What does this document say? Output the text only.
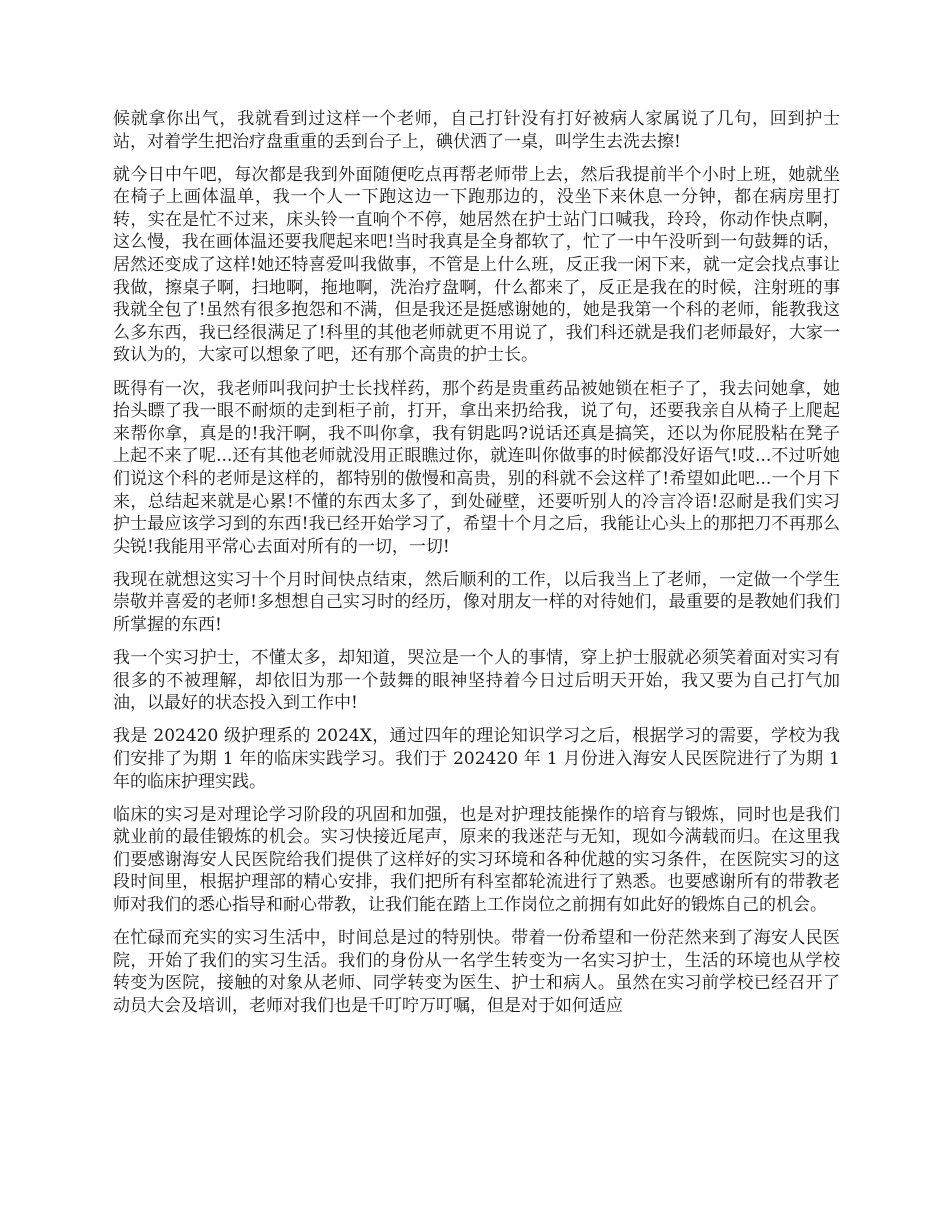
候就拿你出气，我就看到过这样一个老师，自己打针没有打好被病人家属说了几句，回到护士站，对着学生把治疗盘重重的丢到台子上，碘伏洒了一桌，叫学生去洗去擦!

就今日中午吧，每次都是我到外面随便吃点再帮老师带上去，然后我提前半个小时上班，她就坐在椅子上画体温单，我一个人一下跑这边一下跑那边的，没坐下来休息一分钟，都在病房里打转，实在是忙不过来，床头铃一直响个不停，她居然在护士站门口喊我，玲玲，你动作快点啊，这么慢，我在画体温还要我爬起来吧!当时我真是全身都软了，忙了一中午没听到一句鼓舞的话，居然还变成了这样!她还特喜爱叫我做事，不管是上什么班，反正我一闲下来，就一定会找点事让我做，擦桌子啊，扫地啊，拖地啊，洗治疗盘啊，什么都来了，反正是我在的时候，注射班的事我就全包了!虽然有很多抱怨和不满，但是我还是挺感谢她的，她是我第一个科的老师，能教我这么多东西，我已经很满足了!科里的其他老师就更不用说了，我们科还就是我们老师最好，大家一致认为的，大家可以想象了吧，还有那个高贵的护士长。

既得有一次，我老师叫我问护士长找样药，那个药是贵重药品被她锁在柜子了，我去问她拿，她抬头瞟了我一眼不耐烦的走到柜子前，打开，拿出来扔给我，说了句，还要我亲自从椅子上爬起来帮你拿，真是的!我汗啊，我不叫你拿，我有钥匙吗?说话还真是搞笑，还以为你屁股粘在凳子上起不来了呢...还有其他老师就没用正眼瞧过你，就连叫你做事的时候都没好语气!哎...不过听她们说这个科的老师是这样的，都特别的傲慢和高贵，别的科就不会这样了!希望如此吧...一个月下来，总结起来就是心累!不懂的东西太多了，到处碰壁，还要听别人的冷言冷语!忍耐是我们实习护士最应该学习到的东西!我已经开始学习了，希望十个月之后，我能让心头上的那把刀不再那么尖锐!我能用平常心去面对所有的一切，一切!

我现在就想这实习十个月时间快点结束，然后顺利的工作，以后我当上了老师，一定做一个学生崇敬并喜爱的老师!多想想自己实习时的经历，像对朋友一样的对待她们，最重要的是教她们我们所掌握的东西!

我一个实习护士，不懂太多，却知道，哭泣是一个人的事情，穿上护士服就必须笑着面对实习有很多的不被理解，却依旧为那一个鼓舞的眼神坚持着今日过后明天开始，我又要为自己打气加油，以最好的状态投入到工作中!

我是 202420 级护理系的 2024X，通过四年的理论知识学习之后，根据学习的需要，学校为我们安排了为期 1 年的临床实践学习。我们于 202420 年 1 月份进入海安人民医院进行了为期 1 年的临床护理实践。

临床的实习是对理论学习阶段的巩固和加强，也是对护理技能操作的培育与锻炼，同时也是我们就业前的最佳锻炼的机会。实习快接近尾声，原来的我迷茫与无知，现如今满载而归。在这里我们要感谢海安人民医院给我们提供了这样好的实习环境和各种优越的实习条件，在医院实习的这段时间里，根据护理部的精心安排，我们把所有科室都轮流进行了熟悉。也要感谢所有的带教老师对我们的悉心指导和耐心带教，让我们能在踏上工作岗位之前拥有如此好的锻炼自己的机会。

在忙碌而充实的实习生活中，时间总是过的特别快。带着一份希望和一份茫然来到了海安人民医院，开始了我们的实习生活。我们的身份从一名学生转变为一名实习护士，生活的环境也从学校转变为医院，接触的对象从老师、同学转变为医生、护士和病人。虽然在实习前学校已经召开了动员大会及培训，老师对我们也是千叮咛万叮嘱，但是对于如何适应
